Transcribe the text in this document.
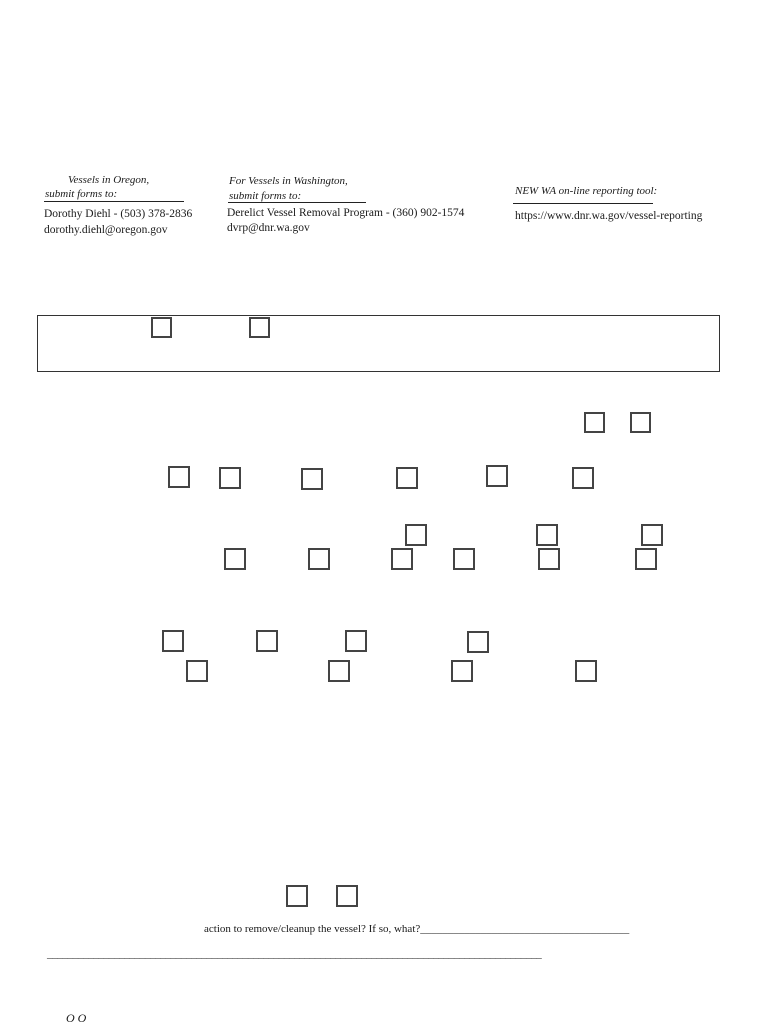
Vessels in Oregon,
submit forms to:
Dorothy Diehl - (503) 378-2836
dorothy.diehl@oregon.gov
For Vessels in Washington,
submit forms to:
Derelict Vessel Removal Program - (360) 902-1574
dvrp@dnr.wa.gov
NEW WA on-line reporting tool:
https://www.dnr.wa.gov/vessel-reporting
action to remove/cleanup the vessel? If so, what?______________________________________
________________________________________________________________________________________________
O O
